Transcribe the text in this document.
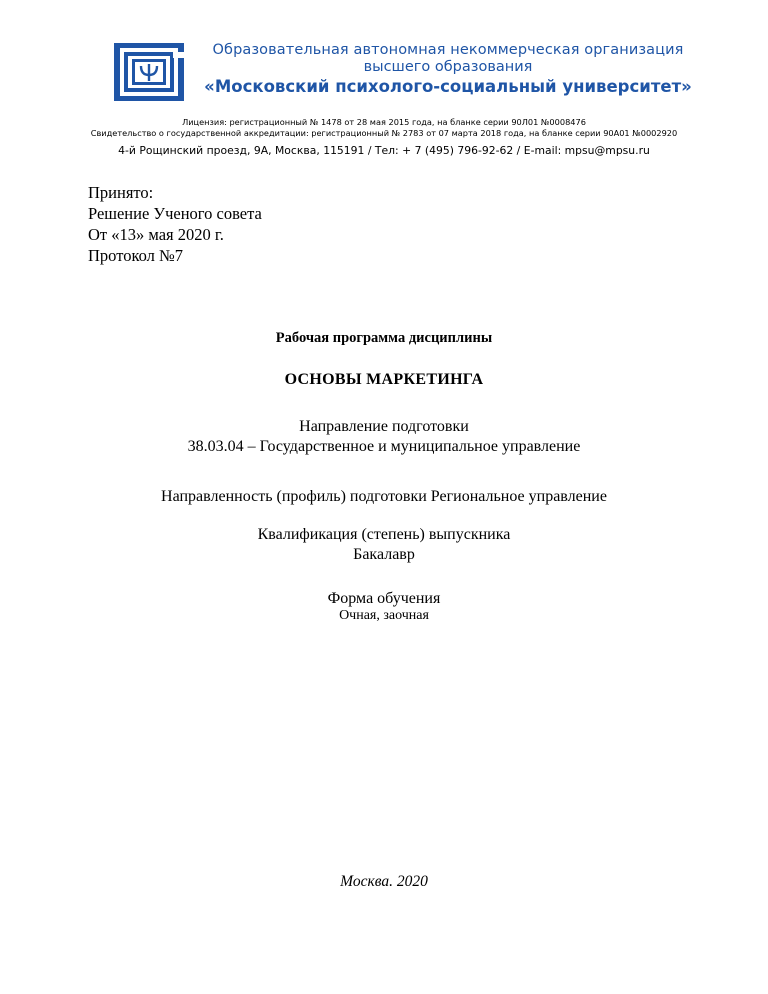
Образовательная автономная некоммерческая организация
высшего образования
«Московский психолого-социальный университет»
Лицензия: регистрационный № 1478 от 28 мая 2015 года, на бланке серии 90Л01 №0008476
Свидетельство о государственной аккредитации: регистрационный № 2783 от 07 марта 2018 года, на бланке серии 90А01 №0002920
4-й Рощинский проезд, 9А, Москва, 115191 / Тел: + 7 (495) 796-92-62 / E-mail: mpsu@mpsu.ru
Принято:
Решение Ученого совета
От «13» мая 2020 г.
Протокол №7
Рабочая программа дисциплины
ОСНОВЫ МАРКЕТИНГА
Направление подготовки
38.03.04 – Государственное и муниципальное управление
Направленность (профиль) подготовки Региональное управление
Квалификация (степень) выпускника
Бакалавр
Форма обучения
Очная, заочная
Москва. 2020
